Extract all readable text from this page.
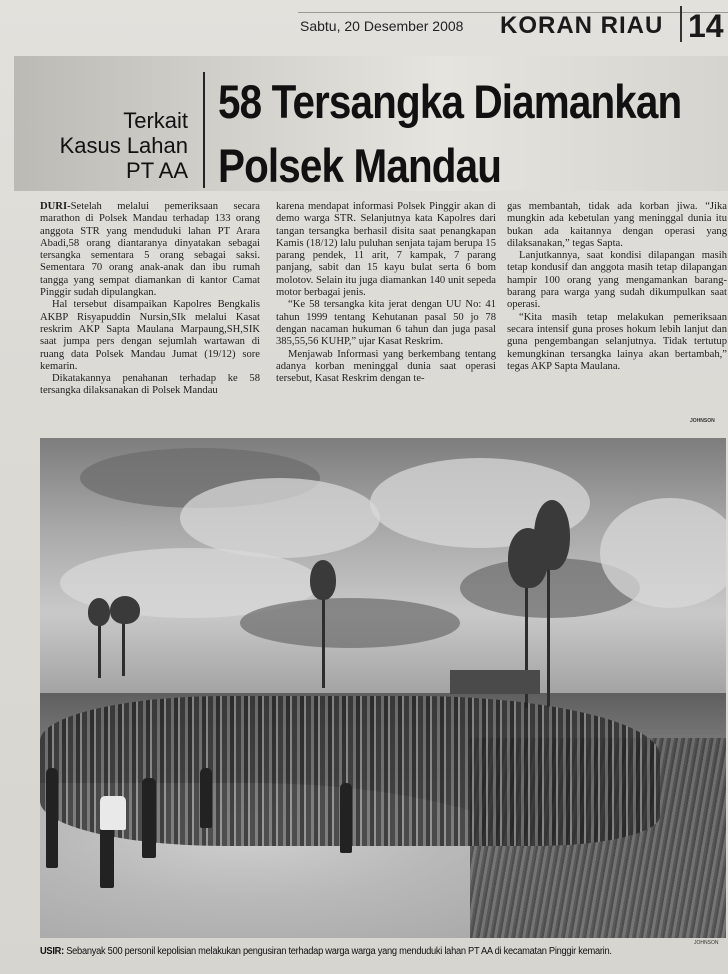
Sabtu, 20 Desember 2008 KORAN RIAU 14
Terkait
Kasus Lahan
PT AA
58 Tersangka Diamankan
Polsek Mandau

DURI-Setelah melalui pemeriksaan secara marathon di Polsek Mandau terhadap 133 orang anggota STR yang menduduki lahan PT Arara Abadi,58 orang diantaranya dinyatakan sebagai tersangka sementara 5 orang sebagai saksi. Sementara 70 orang anak-anak dan ibu rumah tangga yang sempat diamankan di kantor Camat Pinggir sudah dipulangkan.

Hal tersebut disampaikan Kapolres Bengkalis AKBP Risyapuddin Nursin,SIk melalui Kasat reskrim AKP Sapta Maulana Marpaung,SH,SIK saat jumpa pers dengan sejumlah wartawan di ruang data Polsek Mandau Jumat (19/12) sore kemarin.

Dikatakannya penahanan terhadap ke 58 tersangka dilaksanakan di Polsek Mandau

karena mendapat informasi Polsek Pinggir akan di demo warga STR. Selanjutnya kata Kapolres dari tangan tersangka berhasil disita saat penangkapan Kamis (18/12) lalu puluhan senjata tajam berupa 15 parang pendek, 11 arit, 7 kampak, 7 parang panjang, sabit dan 15 kayu bulat serta 6 bom molotov. Selain itu juga diamankan 140 unit sepeda motor berbagai jenis.

“Ke 58 tersangka kita jerat dengan UU No: 41 tahun 1999 tentang Kehutanan pasal 50 jo 78 dengan nacaman hukuman 6 tahun dan juga pasal 385,55,56 KUHP,” ujar Kasat Reskrim.

Menjawab Informasi yang berkembang tentang adanya korban meninggal dunia saat operasi tersebut, Kasat Reskrim dengan te-

gas membantah, tidak ada korban jiwa. “Jika mungkin ada kebetulan yang meninggal dunia itu bukan ada kaitannya dengan operasi yang dilaksanakan,” tegas Sapta.

Lanjutkannya, saat kondisi dilapangan masih tetap kondusif dan anggota masih tetap dilapangan hampir 100 orang yang mengamankan barang-barang para warga yang sudah dikumpulkan saat operasi.

“Kita masih tetap melakukan pemeriksaan secara intensif guna proses hokum lebih lanjut dan guna pengembangan selanjutnya. Tidak tertutup kemungkinan tersangka lainya akan bertambah,” tegas AKP Sapta Maulana.

JOHNSON
JOHNSON
USIR: Sebanyak 500 personil kepolisian melakukan pengusiran terhadap warga warga yang menduduki lahan PT AA di kecamatan Pinggir kemarin.
